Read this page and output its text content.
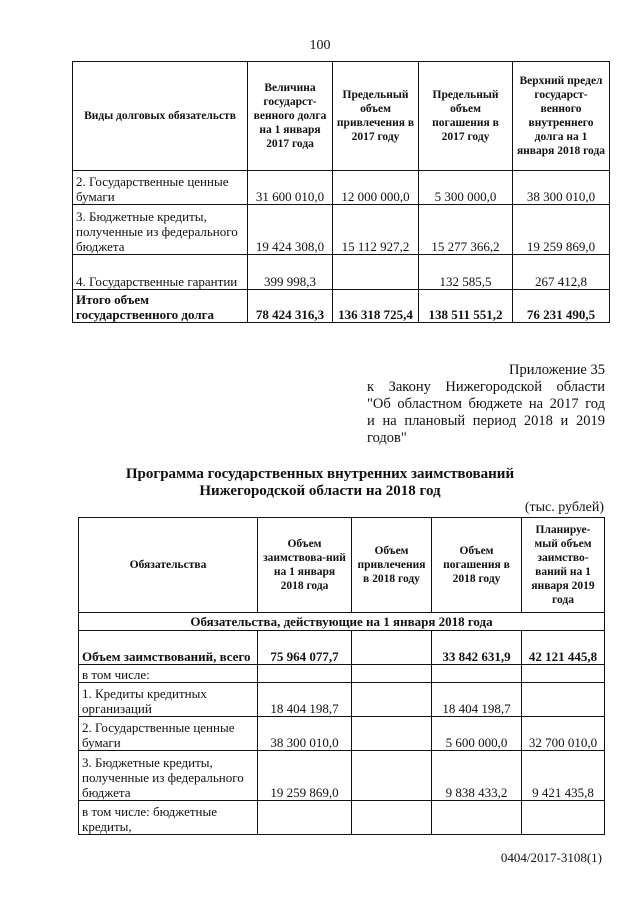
100
Виды долговых обязательств	Величина государст-венного долга на 1 января 2017 года	Предельный объем привлечения в 2017 году	Предельный объем погашения в 2017 году	Верхний предел государст-венного внутреннего долга на 1 января 2018 года
2. Государственные ценные бумаги	31 600 010,0	12 000 000,0	5 300 000,0	38 300 010,0
3. Бюджетные кредиты, полученные из федерального бюджета	19 424 308,0	15 112 927,2	15 277 366,2	19 259 869,0
4. Государственные гарантии	399 998,3		132 585,5	267 412,8
Итого объем государственного долга	78 424 316,3	136 318 725,4	138 511 551,2	76 231 490,5
Приложение 35
к Закону Нижегородской области
"Об областном бюджете на 2017 год
и на плановый период 2018 и 2019
годов"
Программа государственных внутренних заимствований
Нижегородской области на 2018 год
(тыс. рублей)
Обязательства	Объем заимствова-ний на 1 января 2018 года	Объем привлечения в 2018 году	Объем погашения в 2018 году	Планируе-мый объем заимство-ваний на 1 января 2019 года
Обязательства, действующие на 1 января 2018 года				
Объем заимствований, всего	75 964 077,7		33 842 631,9	42 121 445,8
в том числе:				
1. Кредиты кредитных организаций	18 404 198,7		18 404 198,7	
2. Государственные ценные бумаги	38 300 010,0		5 600 000,0	32 700 010,0
3. Бюджетные кредиты, полученные из федерального бюджета	19 259 869,0		9 838 433,2	9 421 435,8
в том числе: бюджетные кредиты,				
0404/2017-3108(1)
